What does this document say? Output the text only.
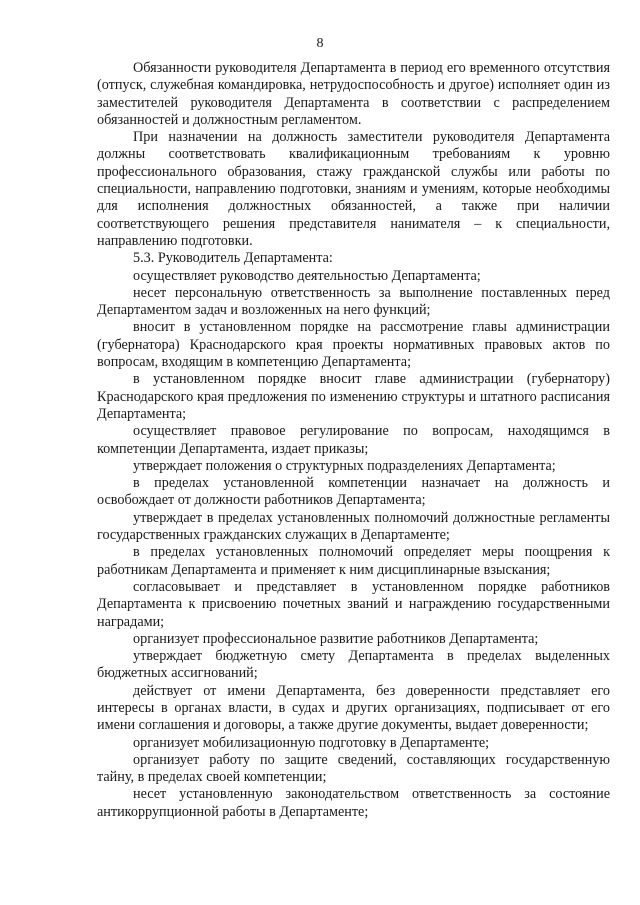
8

Обязанности руководителя Департамента в период его временного отсутствия (отпуск, служебная командировка, нетрудоспособность и другое) исполняет один из заместителей руководителя Департамента в соответствии с распределением обязанностей и должностным регламентом.

При назначении на должность заместители руководителя Департамента должны соответствовать квалификационным требованиям к уровню профессионального образования, стажу гражданской службы или работы по специальности, направлению подготовки, знаниям и умениям, которые необходимы для исполнения должностных обязанностей, а также при наличии соответствующего решения представителя нанимателя – к специальности, направлению подготовки.

5.3. Руководитель Департамента:

осуществляет руководство деятельностью Департамента;

несет персональную ответственность за выполнение поставленных перед Департаментом задач и возложенных на него функций;

вносит в установленном порядке на рассмотрение главы администрации (губернатора) Краснодарского края проекты нормативных правовых актов по вопросам, входящим в компетенцию Департамента;

в установленном порядке вносит главе администрации (губернатору) Краснодарского края предложения по изменению структуры и штатного расписания Департамента;

осуществляет правовое регулирование по вопросам, находящимся в компетенции Департамента, издает приказы;

утверждает положения о структурных подразделениях Департамента;

в пределах установленной компетенции назначает на должность и освобождает от должности работников Департамента;

утверждает в пределах установленных полномочий должностные регламенты государственных гражданских служащих в Департаменте;

в пределах установленных полномочий определяет меры поощрения к работникам Департамента и применяет к ним дисциплинарные взыскания;

согласовывает и представляет в установленном порядке работников Департамента к присвоению почетных званий и награждению государственными наградами;

организует профессиональное развитие работников Департамента;

утверждает бюджетную смету Департамента в пределах выделенных бюджетных ассигнований;

действует от имени Департамента, без доверенности представляет его интересы в органах власти, в судах и других организациях, подписывает от его имени соглашения и договоры, а также другие документы, выдает доверенности;

организует мобилизационную подготовку в Департаменте;

организует работу по защите сведений, составляющих государственную тайну, в пределах своей компетенции;

несет установленную законодательством ответственность за состояние антикоррупционной работы в Департаменте;
